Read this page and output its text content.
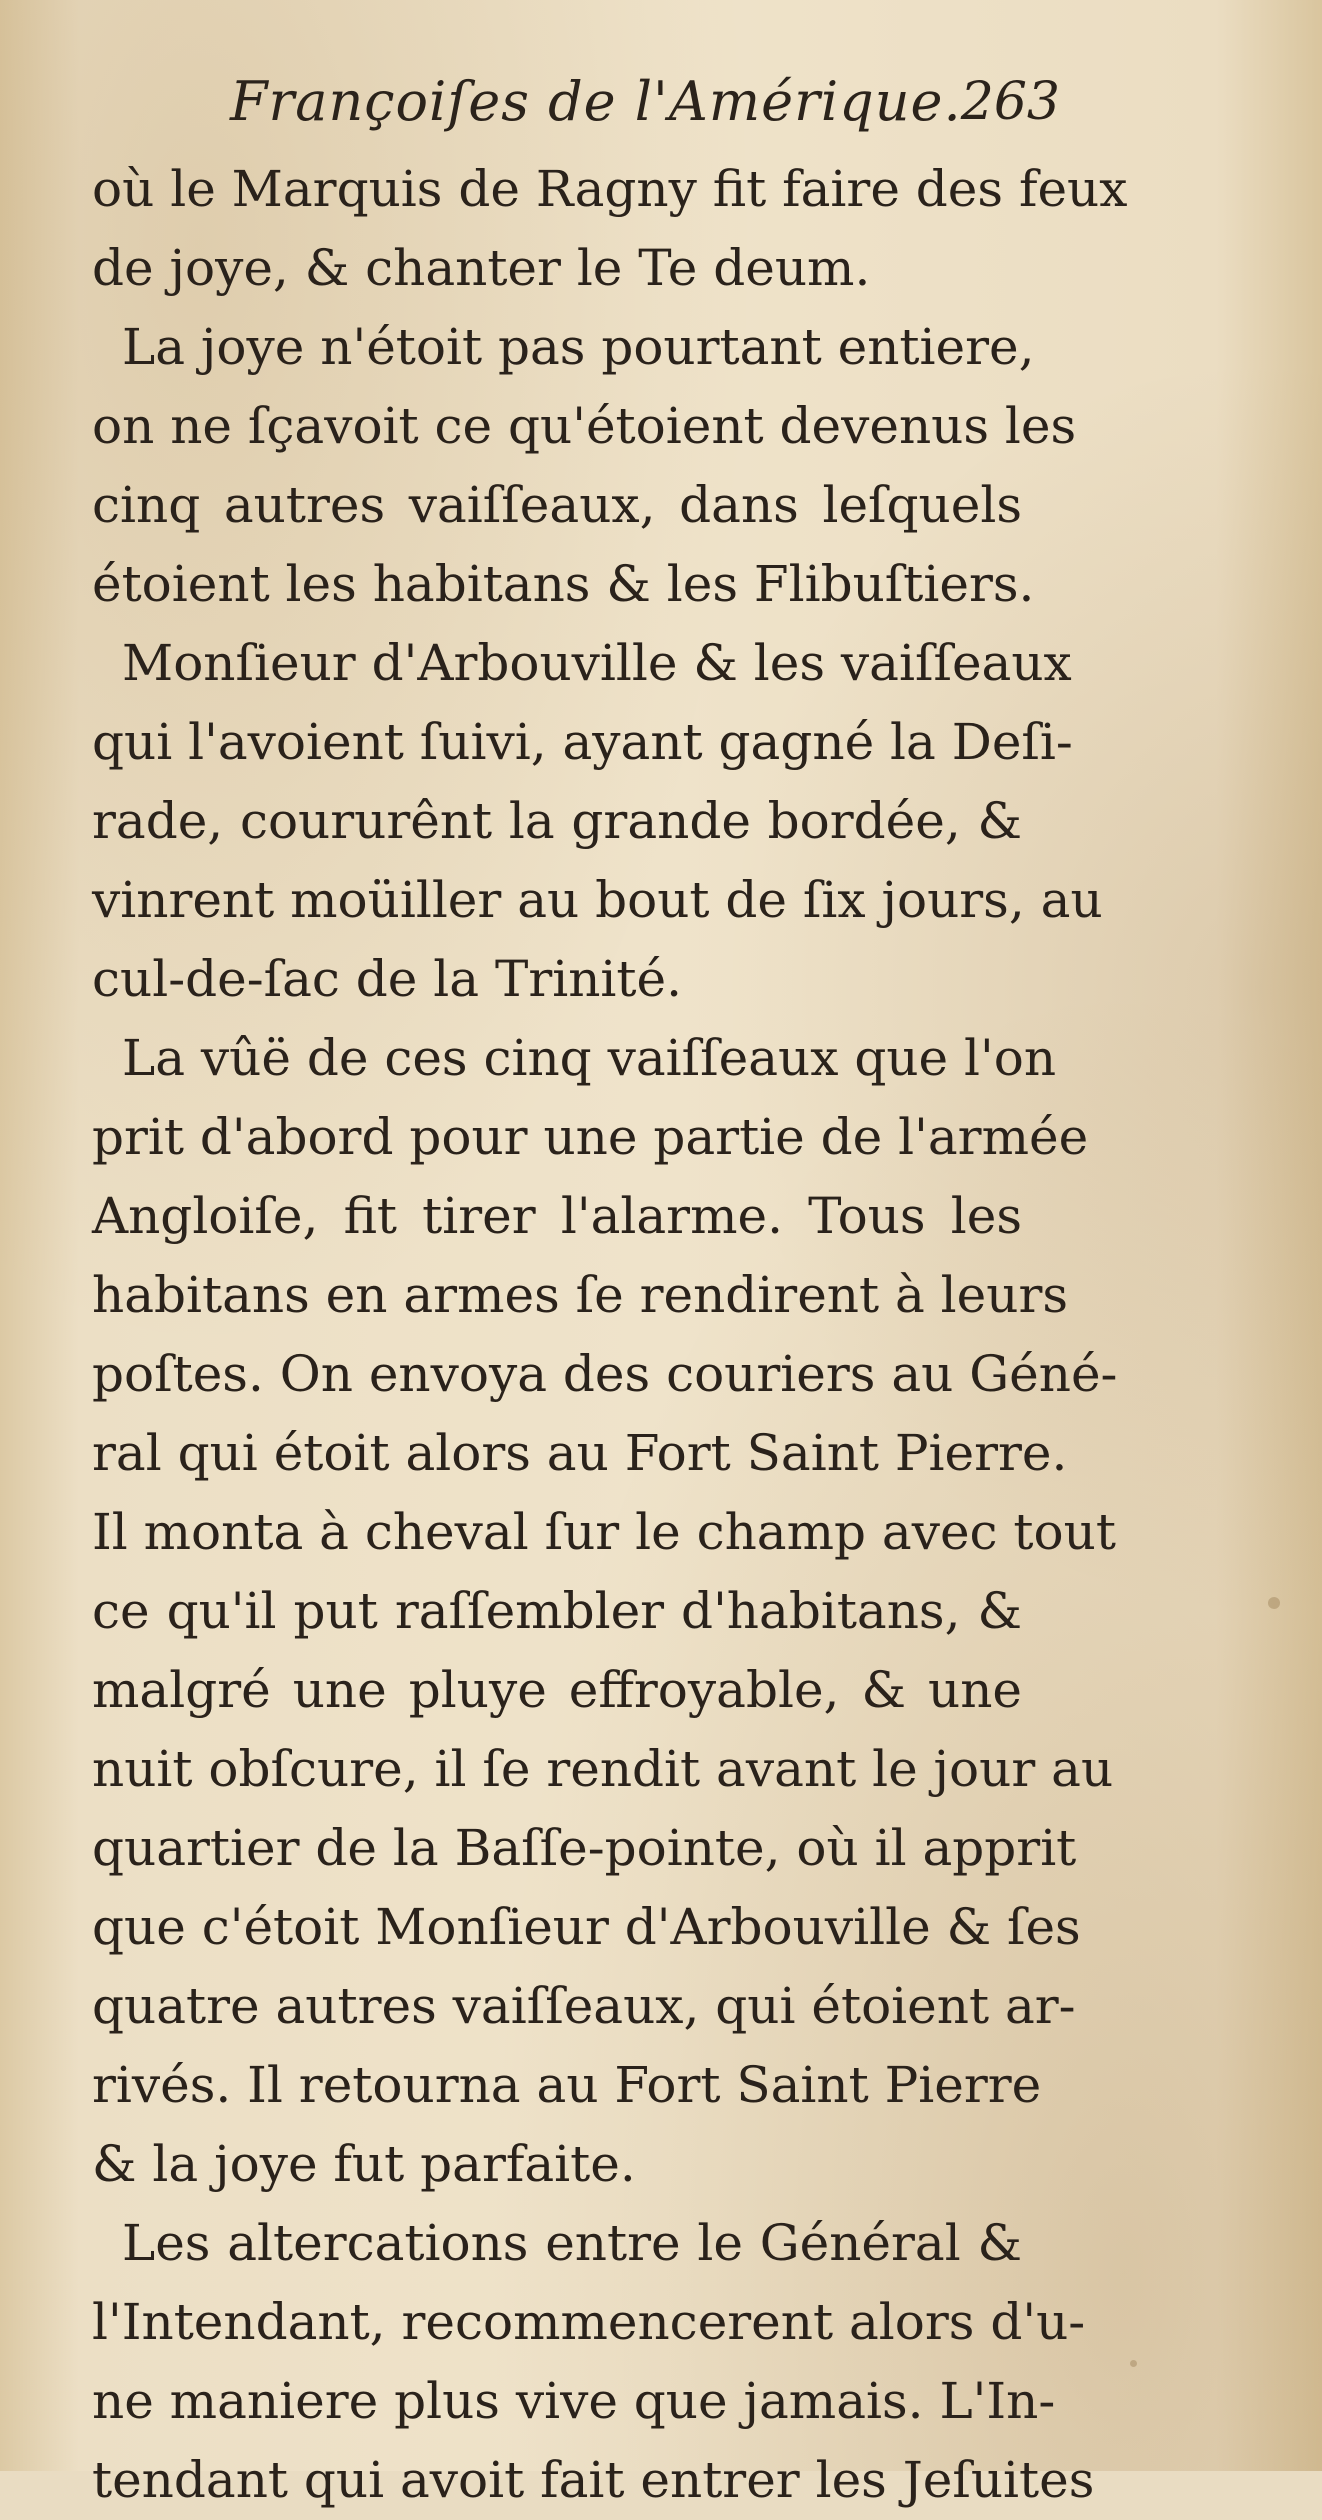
Françoiſes de l'Amérique. 263
où le Marquis de Ragny fit faire des feux
de joye, & chanter le Te deum.
La joye n'étoit pas pourtant entiere,
on ne ſçavoit ce qu'étoient devenus les
cinq autres vaiſſeaux, dans leſquels
étoient les habitans & les Flibuſtiers.
Monſieur d'Arbouville & les vaiſſeaux
qui l'avoient ſuivi, ayant gagné la Deſi-
rade, coururênt la grande bordée, &
vinrent moüiller au bout de ſix jours, au
cul-de-ſac de la Trinité.
La vûë de ces cinq vaiſſeaux que l'on
prit d'abord pour une partie de l'armée
Angloiſe, fit tirer l'alarme. Tous les
habitans en armes ſe rendirent à leurs
poſtes. On envoya des couriers au Géné-
ral qui étoit alors au Fort Saint Pierre.
Il monta à cheval ſur le champ avec tout
ce qu'il put raſſembler d'habitans, &
malgré une pluye effroyable, & une
nuit obſcure, il ſe rendit avant le jour au
quartier de la Baſſe-pointe, où il apprit
que c'étoit Monſieur d'Arbouville & ſes
quatre autres vaiſſeaux, qui étoient ar-
rivés. Il retourna au Fort Saint Pierre
& la joye fut parfaite.
Les altercations entre le Général &
l'Intendant, recommencerent alors d'u-
ne maniere plus vive que jamais. L'In-
tendant qui avoit fait entrer les Jeſuites
